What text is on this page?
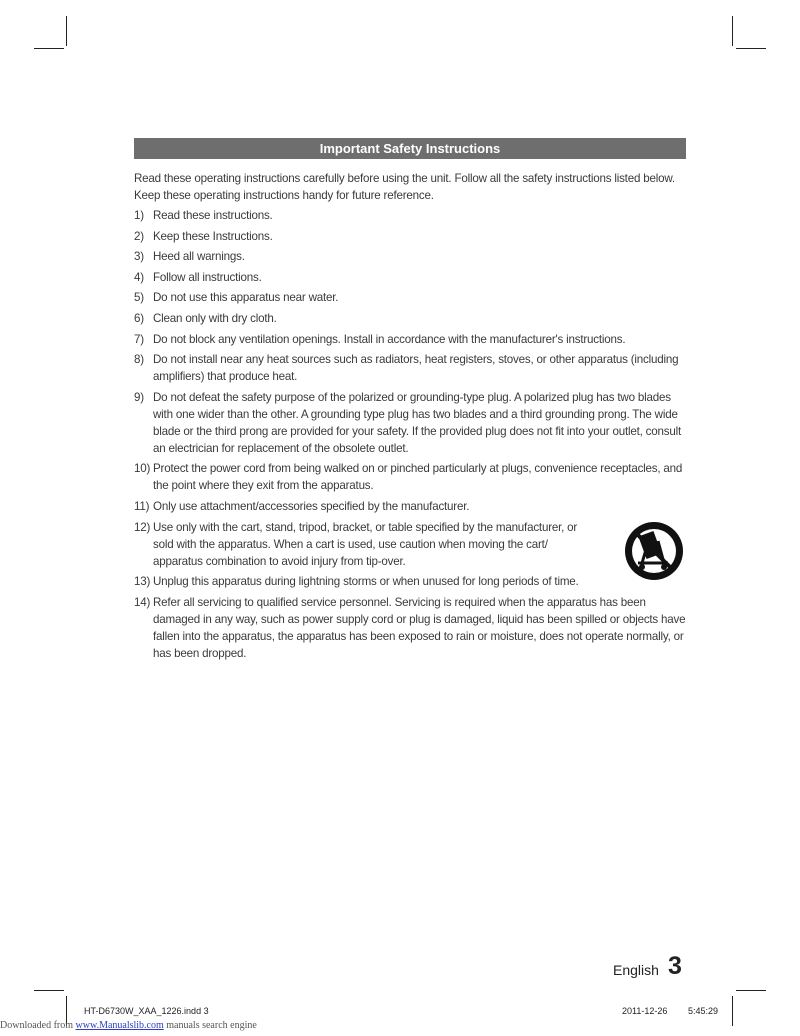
Important Safety Instructions

Read these operating instructions carefully before using the unit. Follow all the safety instructions listed below. Keep these operating instructions handy for future reference.

1) Read these instructions.
2) Keep these Instructions.
3) Heed all warnings.
4) Follow all instructions.
5) Do not use this apparatus near water.
6) Clean only with dry cloth.
7) Do not block any ventilation openings. Install in accordance with the manufacturer's instructions.
8) Do not install near any heat sources such as radiators, heat registers, stoves, or other apparatus (including amplifiers) that produce heat.
9) Do not defeat the safety purpose of the polarized or grounding-type plug. A polarized plug has two blades with one wider than the other. A grounding type plug has two blades and a third grounding prong. The wide blade or the third prong are provided for your safety. If the provided plug does not fit into your outlet, consult an electrician for replacement of the obsolete outlet.
10) Protect the power cord from being walked on or pinched particularly at plugs, convenience receptacles, and the point where they exit from the apparatus.
11) Only use attachment/accessories specified by the manufacturer.
12) Use only with the cart, stand, tripod, bracket, or table specified by the manufacturer, or sold with the apparatus. When a cart is used, use caution when moving the cart/ apparatus combination to avoid injury from tip-over.
13) Unplug this apparatus during lightning storms or when unused for long periods of time.
14) Refer all servicing to qualified service personnel. Servicing is required when the apparatus has been damaged in any way, such as power supply cord or plug is damaged, liquid has been spilled or objects have fallen into the apparatus, the apparatus has been exposed to rain or moisture, does not operate normally, or has been dropped.
English 3
HT-D6730W_XAA_1226.indd 3	2011-12-26 5:45:29
Downloaded from www.Manualslib.com manuals search engine
